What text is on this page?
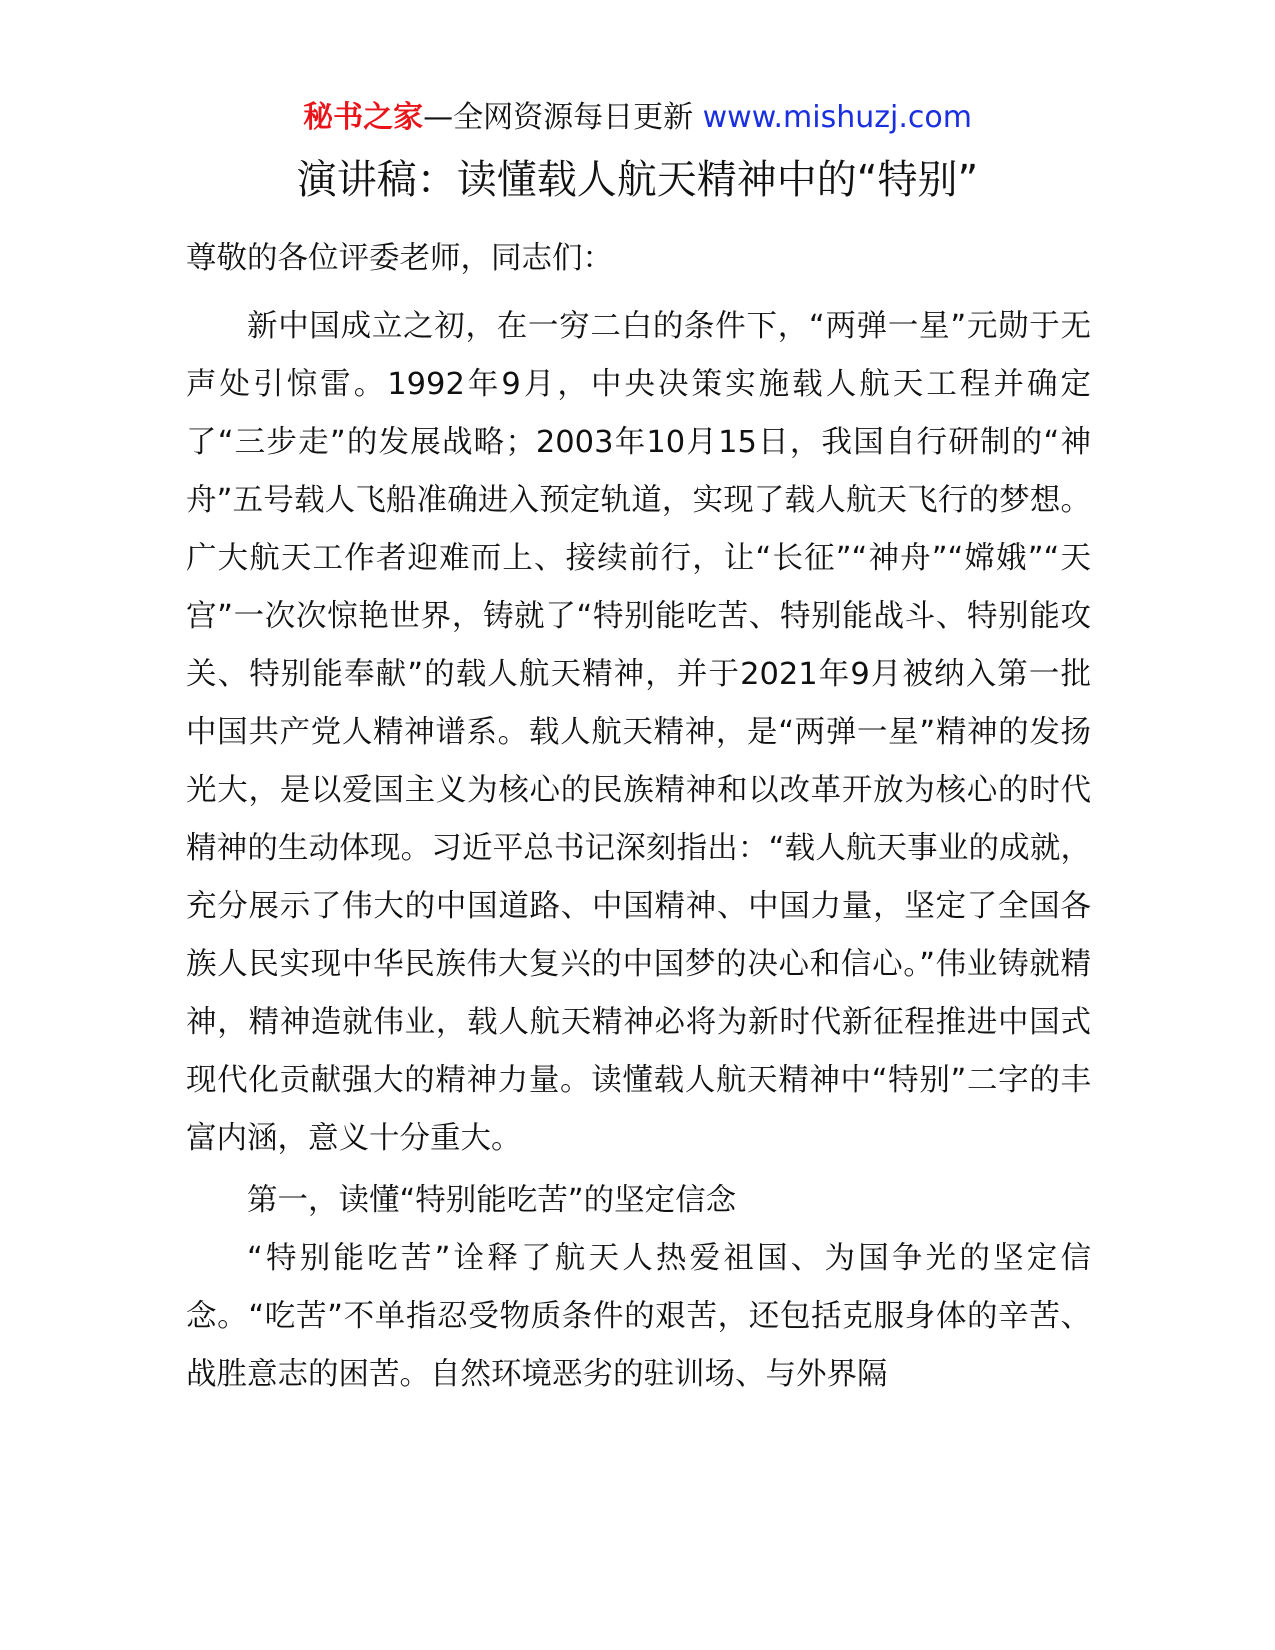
秘书之家—全网资源每日更新 www.mishuzj.com
演讲稿：读懂载人航天精神中的“特别”

尊敬的各位评委老师，同志们：

新中国成立之初，在一穷二白的条件下，“两弹一星”元勋于无声处引惊雷。1992年9月，中央决策实施载人航天工程并确定了“三步走”的发展战略；2003年10月15日，我国自行研制的“神舟”五号载人飞船准确进入预定轨道，实现了载人航天飞行的梦想。广大航天工作者迎难而上、接续前行，让“长征”“神舟”“嫦娥”“天宫”一次次惊艳世界，铸就了“特别能吃苦、特别能战斗、特别能攻关、特别能奉献”的载人航天精神，并于2021年9月被纳入第一批中国共产党人精神谱系。载人航天精神，是“两弹一星”精神的发扬光大，是以爱国主义为核心的民族精神和以改革开放为核心的时代精神的生动体现。习近平总书记深刻指出：“载人航天事业的成就，充分展示了伟大的中国道路、中国精神、中国力量，坚定了全国各族人民实现中华民族伟大复兴的中国梦的决心和信心。”伟业铸就精神，精神造就伟业，载人航天精神必将为新时代新征程推进中国式现代化贡献强大的精神力量。读懂载人航天精神中“特别”二字的丰富内涵，意义十分重大。

第一，读懂“特别能吃苦”的坚定信念

“特别能吃苦”诠释了航天人热爱祖国、为国争光的坚定信念。“吃苦”不单指忍受物质条件的艰苦，还包括克服身体的辛苦、战胜意志的困苦。自然环境恶劣的驻训场、与外界隔
